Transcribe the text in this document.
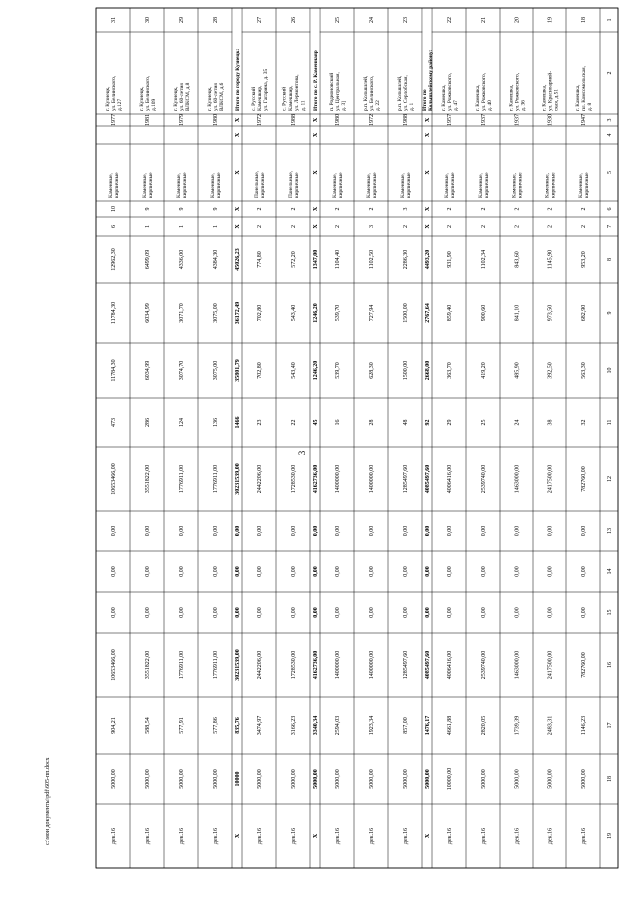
3
c:\мои документы\pdf\605-пп.docx
1
2
3
4
5
6
7
8
9
10
11
12
13
14
15
16
17
18
19
18
г. Камешка,пл. Комсомольская,д. 8
1947
Каменные,кирпичные
2
2
953,20
682,90
563,30
32
782760,00
0,00
0,00
0,00
782760,00
1146,23
5000,00
дек.16
19
г. Камешка,ул. Красноармей-ская, д.51
1930
Каменные,кирпичные
2
2
1145,90
973,50
392,50
38
2417500,00
0,00
0,00
0,00
2417500,00
2483,31
5000,00
дек.16
20
г. Камешка,ул. Рожковского,д. 36
1937
Каменные,кирпичные
2
2
843,60
841,10
485,90
24
1463000,00
0,00
0,00
0,00
1463000,00
1739,39
5000,00
дек.16
21
г. Камешка,ул. Рожковского,д. 40
1937
Каменные,кирпичные
2
2
1102,34
900,60
419,20
25
2539740,00
0,00
0,00
0,00
2539740,00
2820,05
5000,00
дек.16
22
г. Камешка,ул. Рожковского,д. 47
1957
Каменные,кирпичные
2
2
931,90
859,40
363,70
29
4006416,00
0,00
0,00
0,00
4006416,00
4661,88
10000,00
дек.16
Итого поКолышлейскому району:
X
X
X
X
X
4493,20
2767,64
2668,00
92
4085497,60
0,00
0,00
0,00
4085497,60
1476,17
5000,00
X
23
р.п. Колышлей,ул. Серлобская,д. 1
1988
Каменные,кирпичные
3
2
2286,30
1500,00
1500,00
48
1285497,60
0,00
0,00
0,00
1285497,60
857,00
5000,00
дек.16
24
р.п. Колышлей,ул. Белинского,д. 22
1972
Каменные,кирпичные
2
3
1102,50
727,94
628,30
28
1400000,00
0,00
0,00
0,00
1400000,00
1923,34
5000,00
дек.16
25
п. Родионовскийул. Центральная,д. 3]
1980
Каменные,кирпичные
2
2
1104,40
539,70
539,70
16
1400000,00
0,00
0,00
0,00
1400000,00
2594,03
5000,00
дек.16
Итого по с. Р. Каменнаяр
X
X
X
X
X
1347,00
1246,20
1246,20
45
4162736,00
0,00
0,00
0,00
4162736,00
3340,34
5000,00
X
26
с. РусскийКамешкир,ул. Лермонтова,д. 11
1988
Панельные,кирпичные
2
2
572,20
543,40
543,40
22
1728530,00
0,00
0,00
0,00
1728530,00
3166,23
5000,00
дек.16
27
с. РусскийКамешкир,ул. Гагарина, д. 35
1972
Панельные,кирпичные
2
2
774,80
702,80
702,80
23
2442206,00
0,00
0,00
0,00
2442206,00
3474,97
5000,00
дек.16
Итого по городу Кузнецк:
X
X
X
X
X
45026,23
36172,49
35801,79
1466
30231539,00
0,00
0,00
0,00
30231539,00
835,76
10000
X
28
г. Кузнецк,ул. 60-летияВЛКСМ, д.6
1980
Каменные,кирпичные
9
1
4384,30
3075,00
3075,00
136
1776911,00
0,00
0,00
0,00
1776911,00
577,86
5000,00
дек.16
29
г. Кузнецк,ул. 60-летияВЛКСМ, д.8
1979
Каменные,кирпичные
9
1
4336,00
3071,70
3074,70
124
1776911,00
0,00
0,00
0,00
1776911,00
577,91
5000,00
дек.16
30
г. Кузнецк,ул. Белинского,д.109
1981
Каменные,кирпичные
9
1
6499,09
6034,99
6034,99
286
3551822,00
0,00
0,00
0,00
3551822,00
588,54
5000,00
дек.16
31
г. Кузнецк,ул. Белинского,д.127
1977
Каменные,кирпичные
10
6
12962,30
11784,30
11784,30
473
10653466,00
0,00
0,00
0,00
10653466,00
904,21
5000,00
дек.16
